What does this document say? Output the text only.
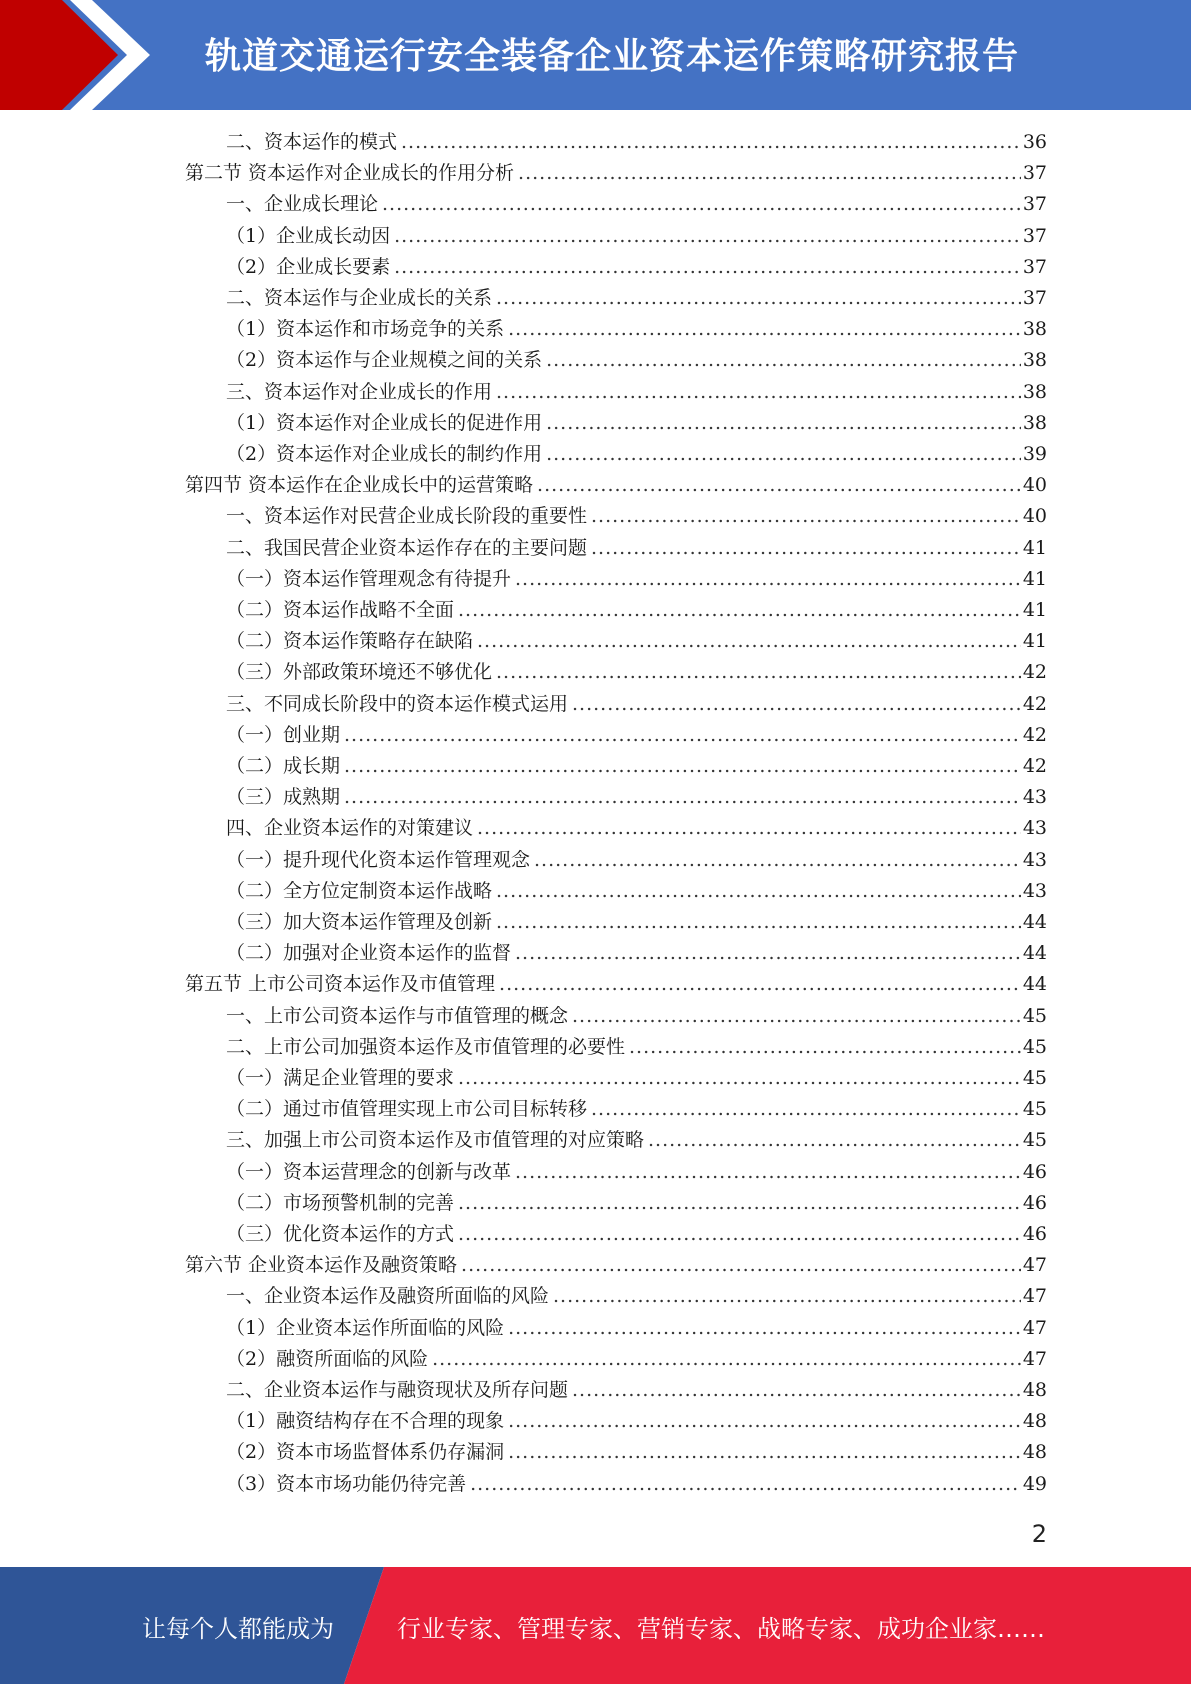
轨道交通运行安全装备企业资本运作策略研究报告
二、资本运作的模式 .....	36
第二节 资本运作对企业成长的作用分析 .....	37
一、企业成长理论 .....	37
（1）企业成长动因 .....	37
（2）企业成长要素 .....	37
二、资本运作与企业成长的关系 .....	37
（1）资本运作和市场竞争的关系 .....	38
（2）资本运作与企业规模之间的关系 .....	38
三、资本运作对企业成长的作用 .....	38
（1）资本运作对企业成长的促进作用 .....	38
（2）资本运作对企业成长的制约作用 .....	39
第四节 资本运作在企业成长中的运营策略 .....	40
一、资本运作对民营企业成长阶段的重要性 .....	40
二、我国民营企业资本运作存在的主要问题 .....	41
（一）资本运作管理观念有待提升 .....	41
（二）资本运作战略不全面 .....	41
（二）资本运作策略存在缺陷 .....	41
（三）外部政策环境还不够优化 .....	42
三、不同成长阶段中的资本运作模式运用 .....	42
（一）创业期 .....	42
（二）成长期 .....	42
（三）成熟期 .....	43
四、企业资本运作的对策建议 .....	43
（一）提升现代化资本运作管理观念 .....	43
（二）全方位定制资本运作战略 .....	43
（三）加大资本运作管理及创新 .....	44
（二）加强对企业资本运作的监督 .....	44
第五节 上市公司资本运作及市值管理 .....	44
一、上市公司资本运作与市值管理的概念 .....	45
二、上市公司加强资本运作及市值管理的必要性 .....	45
（一）满足企业管理的要求 .....	45
（二）通过市值管理实现上市公司目标转移 .....	45
三、加强上市公司资本运作及市值管理的对应策略 .....	45
（一）资本运营理念的创新与改革 .....	46
（二）市场预警机制的完善 .....	46
（三）优化资本运作的方式 .....	46
第六节 企业资本运作及融资策略 .....	47
一、企业资本运作及融资所面临的风险 .....	47
（1）企业资本运作所面临的风险 .....	47
（2）融资所面临的风险 .....	47
二、企业资本运作与融资现状及所存问题 .....	48
（1）融资结构存在不合理的现象 .....	48
（2）资本市场监督体系仍存漏洞 .....	48
（3）资本市场功能仍待完善 .....	49
2
让每个人都能成为	行业专家、管理专家、营销专家、战略专家、成功企业家……
